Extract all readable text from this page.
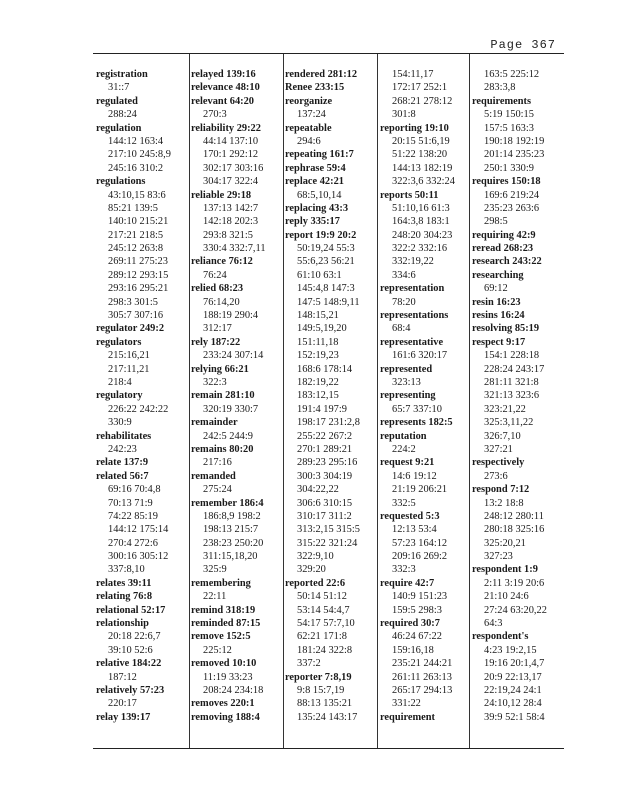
Page 367
registration
31::7
regulated
288:24
regulation
144:12 163:4
217:10 245:8,9
245:16 310:2
regulations
43:10,15 83:6
85:21 139:5
140:10 215:21
217:21 218:5
245:12 263:8
269:11 275:23
289:12 293:15
293:16 295:21
298:3 301:5
305:7 307:16
regulator 249:2
regulators
215:16,21
217:11,21
218:4
regulatory
226:22 242:22
330:9
rehabilitates
242:23
relate 137:9
related 56:7
69:16 70:4,8
70:13 71:9
74:22 85:19
144:12 175:14
270:4 272:6
300:16 305:12
337:8,10
relates 39:11
relating 76:8
relational 52:17
relationship
20:18 22:6,7
39:10 52:6
relative 184:22
187:12
relatively 57:23
220:17
relay 139:17
relayed 139:16
relevance 48:10
relevant 64:20
270:3
reliability 29:22
44:14 137:10
170:1 292:12
302:17 303:16
304:17 322:4
reliable 29:18
137:13 142:7
142:18 202:3
293:8 321:5
330:4 332:7,11
reliance 76:12
76:24
relied 68:23
76:14,20
188:19 290:4
312:17
rely 187:22
233:24 307:14
relying 66:21
322:3
remain 281:10
320:19 330:7
remainder
242:5 244:9
remains 80:20
217:16
remanded
275:24
remember 186:4
186:8,9 198:2
198:13 215:7
238:23 250:20
311:15,18,20
325:9
remembering
22:11
remind 318:19
reminded 87:15
remove 152:5
225:12
removed 10:10
11:19 33:23
208:24 234:18
removes 220:1
removing 188:4
rendered 281:12
Renee 233:15
reorganize
137:24
repeatable
294:6
repeating 161:7
rephrase 59:4
replace 42:21
68:5,10,14
replacing 43:3
reply 335:17
report 19:9 20:2
50:19,24 55:3
55:6,23 56:21
61:10 63:1
145:4,8 147:3
147:5 148:9,11
148:15,21
149:5,19,20
151:11,18
152:19,23
168:6 178:14
182:19,22
183:12,15
191:4 197:9
198:17 231:2,8
255:22 267:2
270:1 289:21
289:23 295:16
300:3 304:19
304:22,22
306:6 310:15
310:17 311:2
313:2,15 315:5
315:22 321:24
322:9,10
329:20
reported 22:6
50:14 51:12
53:14 54:4,7
54:17 57:7,10
62:21 171:8
181:24 322:8
337:2
reporter 7:8,19
9:8 15:7,19
88:13 135:21
135:24 143:17
154:11,17
172:17 252:1
268:21 278:12
301:8
reporting 19:10
20:15 51:6,19
51:22 138:20
144:13 182:19
322:3,6 332:24
reports 50:11
51:10,16 61:3
164:3,8 183:1
248:20 304:23
322:2 332:16
332:19,22
334:6
representation
78:20
representations
68:4
representative
161:6 320:17
represented
323:13
representing
65:7 337:10
represents 182:5
reputation
224:2
request 9:21
14:6 19:12
21:19 206:21
332:5
requested 5:3
12:13 53:4
57:23 164:12
209:16 269:2
332:3
require 42:7
140:9 151:23
159:5 298:3
required 30:7
46:24 67:22
159:16,18
235:21 244:21
261:11 263:13
265:17 294:13
331:22
requirement
163:5 225:12
283:3,8
requirements
5:19 150:15
157:5 163:3
190:18 192:19
201:14 235:23
250:1 330:9
requires 150:18
169:6 219:24
235:23 263:6
298:5
requiring 42:9
reread 268:23
research 243:22
researching
69:12
resin 16:23
resins 16:24
resolving 85:19
respect 9:17
154:1 228:18
228:24 243:17
281:11 321:8
321:13 323:6
323:21,22
325:3,11,22
326:7,10
327:21
respectively
273:6
respond 7:12
13:2 18:8
248:12 280:11
280:18 325:16
325:20,21
327:23
respondent 1:9
2:11 3:19 20:6
21:10 24:6
27:24 63:20,22
64:3
respondent's
4:23 19:2,15
19:16 20:1,4,7
20:9 22:13,17
22:19,24 24:1
24:10,12 28:4
39:9 52:1 58:4
